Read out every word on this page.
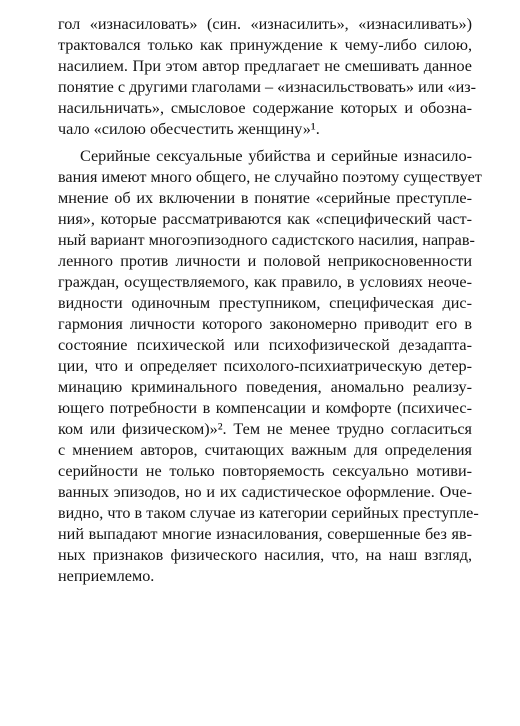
гол «изнасиловать» (син. «изнасилить», «изнасиливать»)
трактовался только как принуждение к чему-либо силою,
насилием. При этом автор предлагает не смешивать данное
понятие с другими глаголами – «изнасильствовать» или «из-
насильничать», смысловое содержание которых и обозна-
чало «силою обесчестить женщину»¹.
Серийные сексуальные убийства и серийные изнасило-
вания имеют много общего, не случайно поэтому существует
мнение об их включении в понятие «серийные преступле-
ния», которые рассматриваются как «специфический част-
ный вариант многоэпизодного садистского насилия, направ-
ленного против личности и половой неприкосновенности
граждан, осуществляемого, как правило, в условиях неоче-
видности одиночным преступником, специфическая дис-
гармония личности которого закономерно приводит его в
состояние психической или психофизической дезадапта-
ции, что и определяет психолого-психиатрическую детер-
минацию криминального поведения, аномально реализу-
ющего потребности в компенсации и комфорте (психичес-
ком или физическом)»². Тем не менее трудно согласиться
с мнением авторов, считающих важным для определения
серийности не только повторяемость сексуально мотиви-
ванных эпизодов, но и их садистическое оформление. Оче-
видно, что в таком случае из категории серийных преступле-
ний выпадают многие изнасилования, совершенные без яв-
ных признаков физического насилия, что, на наш взгляд,
неприемлемо.
